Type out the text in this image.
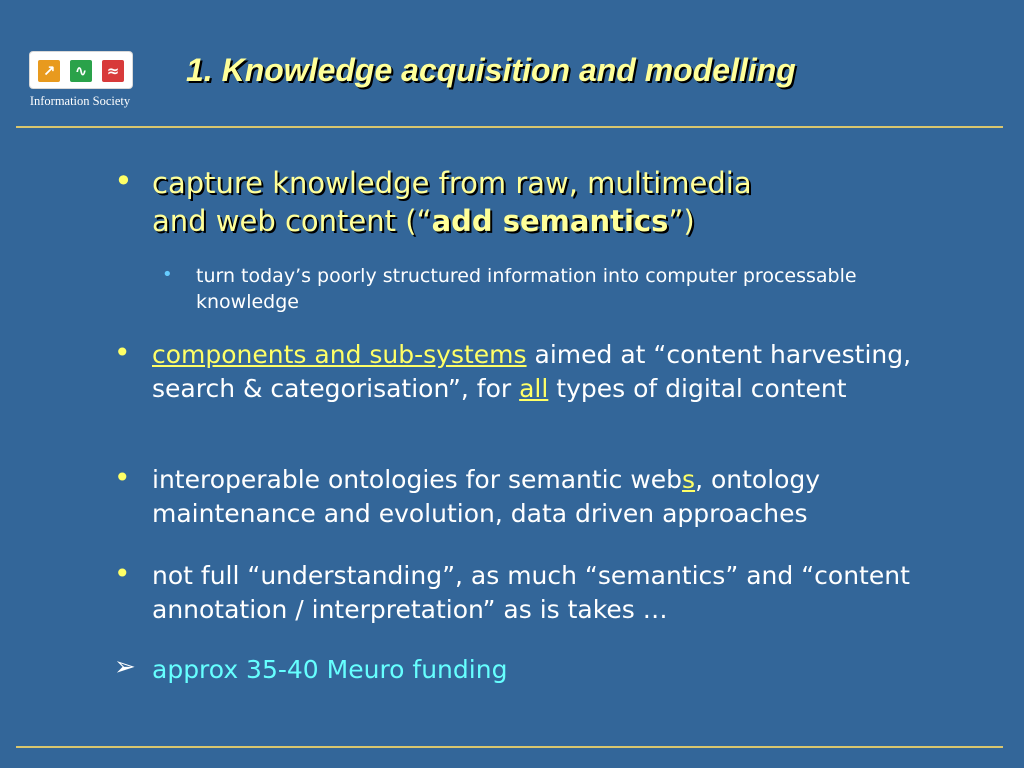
↗	∿	≈
Information Society
1. Knowledge acquisition and modelling
• capture knowledge from raw, multimedia
and web content (“add semantics”)
• turn today’s poorly structured information into computer processable knowledge
• components and sub-systems aimed at “content harvesting, search & categorisation”, for all types of digital content
• interoperable ontologies for semantic webs, ontology maintenance and evolution, data driven approaches
• not full “understanding”, as much “semantics” and “content annotation / interpretation” as is takes …
➢ approx 35-40 Meuro funding
